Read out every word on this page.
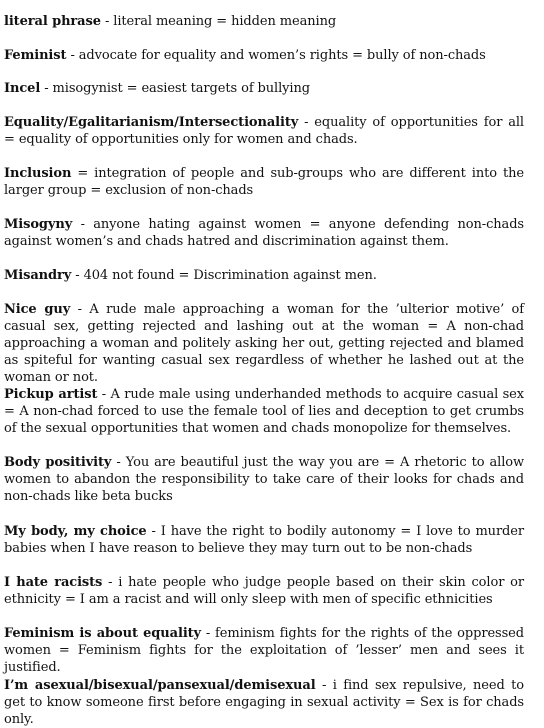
literal phrase - literal meaning = hidden meaning

Feminist - advocate for equality and women’s rights = bully of non-chads

Incel - misogynist = easiest targets of bullying

Equality/Egalitarianism/Intersectionality - equality of opportunities for all = equality of opportunities only for women and chads.

Inclusion = integration of people and sub-groups who are different into the larger group = exclusion of non-chads

Misogyny - anyone hating against women = anyone defending non-chads against women’s and chads hatred and discrimination against them.

Misandry - 404 not found = Discrimination against men.

Nice guy - A rude male approaching a woman for the ’ulterior motive’ of casual sex, getting rejected and lashing out at the woman = A non-chad approaching a woman and politely asking her out, getting rejected and blamed as spiteful for wanting casual sex regardless of whether he lashed out at the woman or not.

Pickup artist - A rude male using underhanded methods to acquire casual sex = A non-chad forced to use the female tool of lies and deception to get crumbs of the sexual opportunities that women and chads monopolize for themselves.

Body positivity - You are beautiful just the way you are = A rhetoric to allow women to abandon the responsibility to take care of their looks for chads and non-chads like beta bucks

My body, my choice - I have the right to bodily autonomy = I love to murder babies when I have reason to believe they may turn out to be non-chads

I hate racists - i hate people who judge people based on their skin color or ethnicity = I am a racist and will only sleep with men of specific ethnicities

Feminism is about equality - feminism fights for the rights of the oppressed women = Feminism fights for the exploitation of ’lesser’ men and sees it justified.

I’m asexual/bisexual/pansexual/demisexual - i find sex repulsive, need to get to know someone first before engaging in sexual activity = Sex is for chads only.
